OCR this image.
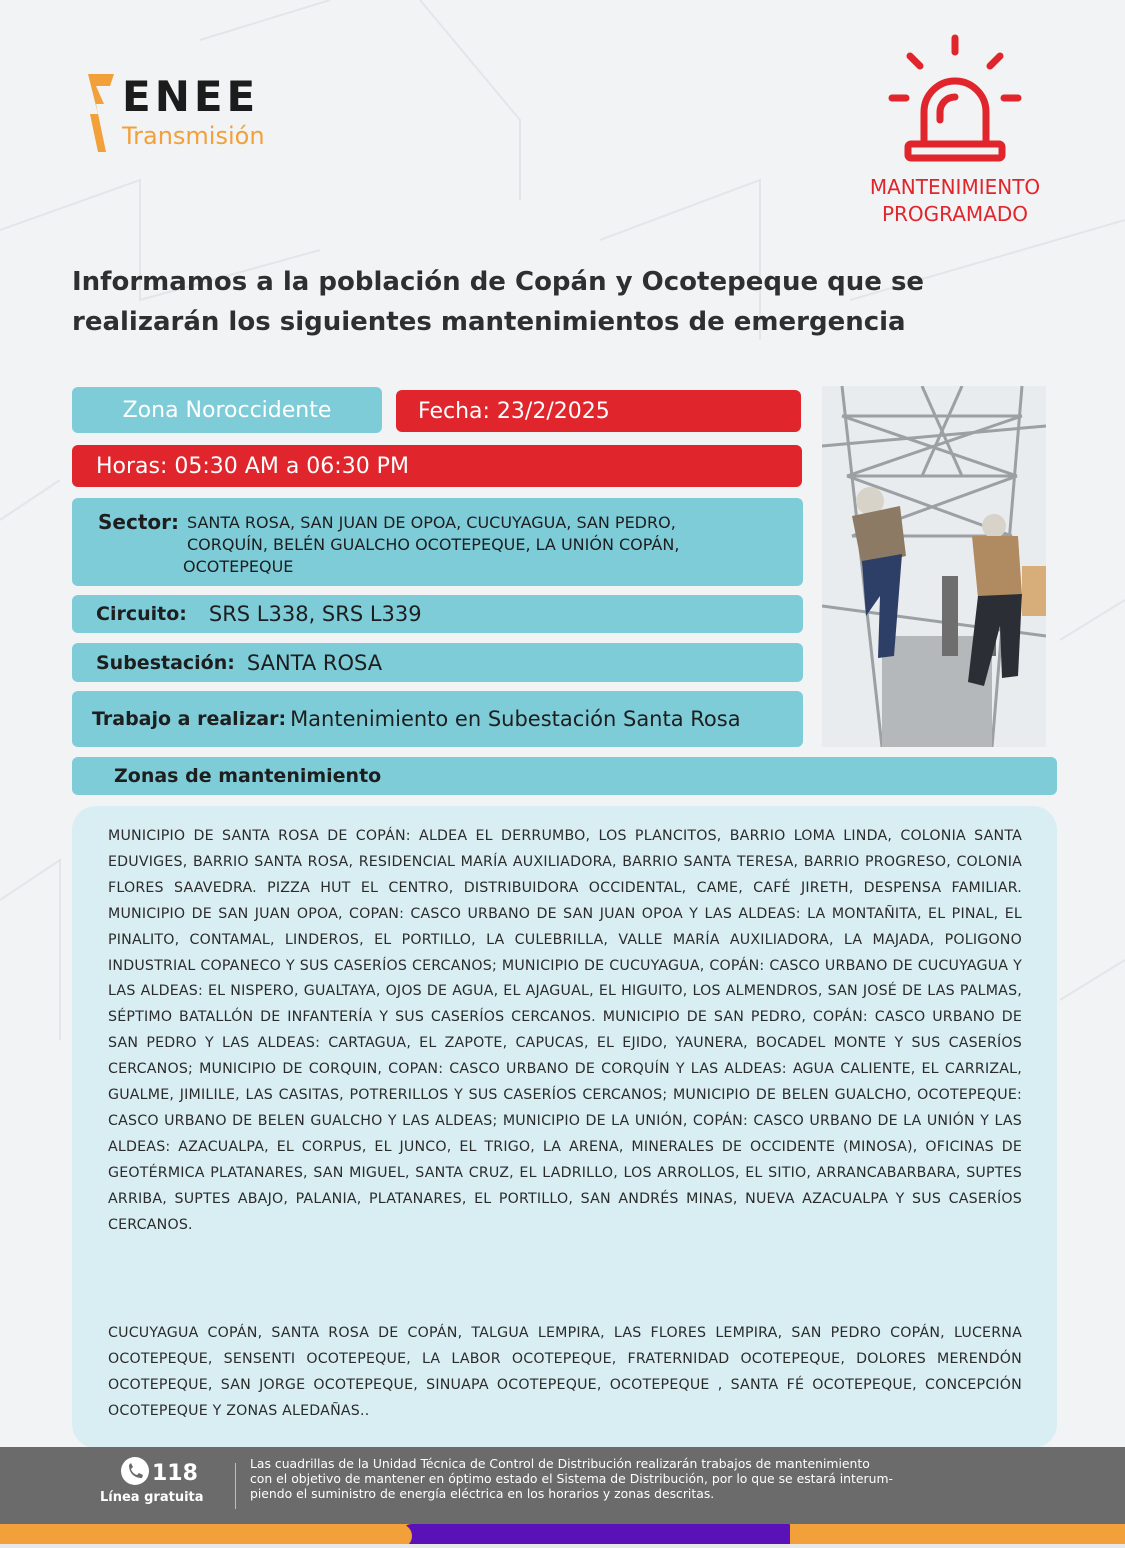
ENEE
Transmisión
MANTENIMIENTO
PROGRAMADO
Informamos a la población de Copán y Ocotepeque que se
realizarán los siguientes mantenimientos de emergencia
Zona Noroccidente	Fecha: 23/2/2025
Horas: 05:30 AM a 06:30 PM
Sector: SANTA ROSA, SAN JUAN DE OPOA, CUCUYAGUA, SAN PEDRO,
CORQUÍN, BELÉN GUALCHO OCOTEPEQUE, LA UNIÓN COPÁN,
OCOTEPEQUE
Circuito: SRS L338, SRS L339
Subestación: SANTA ROSA
Trabajo a realizar: Mantenimiento en Subestación Santa Rosa
Zonas de mantenimiento
MUNICIPIO DE SANTA ROSA DE COPÁN: ALDEA EL DERRUMBO, LOS PLANCITOS, BARRIO LOMA LINDA, COLONIA SANTA EDUVIGES, BARRIO SANTA ROSA, RESIDENCIAL MARÍA AUXILIADORA, BARRIO SANTA TERESA, BARRIO PROGRESO, COLONIA FLORES SAAVEDRA. PIZZA HUT EL CENTRO, DISTRIBUIDORA OCCIDENTAL, CAME, CAFÉ JIRETH, DESPENSA FAMILIAR. MUNICIPIO DE SAN JUAN OPOA, COPAN: CASCO URBANO DE SAN JUAN OPOA Y LAS ALDEAS: LA MONTAÑITA, EL PINAL, EL PINALITO, CONTAMAL, LINDEROS, EL PORTILLO, LA CULEBRILLA, VALLE MARÍA AUXILIADORA, LA MAJADA, POLIGONO INDUSTRIAL COPANECO Y SUS CASERÍOS CERCANOS; MUNICIPIO DE CUCUYAGUA, COPÁN: CASCO URBANO DE CUCUYAGUA Y LAS ALDEAS: EL NISPERO, GUALTAYA, OJOS DE AGUA, EL AJAGUAL, EL HIGUITO, LOS ALMENDROS, SAN JOSÉ DE LAS PALMAS, SÉPTIMO BATALLÓN DE INFANTERÍA Y SUS CASERÍOS CERCANOS. MUNICIPIO DE SAN PEDRO, COPÁN: CASCO URBANO DE SAN PEDRO Y LAS ALDEAS: CARTAGUA, EL ZAPOTE, CAPUCAS, EL EJIDO, YAUNERA, BOCADEL MONTE Y SUS CASERÍOS CERCANOS; MUNICIPIO DE CORQUIN, COPAN: CASCO URBANO DE CORQUÍN Y LAS ALDEAS: AGUA CALIENTE, EL CARRIZAL, GUALME, JIMILILE, LAS CASITAS, POTRERILLOS Y SUS CASERÍOS CERCANOS; MUNICIPIO DE BELEN GUALCHO, OCOTEPEQUE: CASCO URBANO DE BELEN GUALCHO Y LAS ALDEAS; MUNICIPIO DE LA UNIÓN, COPÁN: CASCO URBANO DE LA UNIÓN Y LAS ALDEAS: AZACUALPA, EL CORPUS, EL JUNCO, EL TRIGO, LA ARENA, MINERALES DE OCCIDENTE (MINOSA), OFICINAS DE GEOTÉRMICA PLATANARES, SAN MIGUEL, SANTA CRUZ, EL LADRILLO, LOS ARROLLOS, EL SITIO, ARRANCABARBARA, SUPTES ARRIBA, SUPTES ABAJO, PALANIA, PLATANARES, EL PORTILLO, SAN ANDRÉS MINAS, NUEVA AZACUALPA Y SUS CASERÍOS CERCANOS.
CUCUYAGUA COPÁN, SANTA ROSA DE COPÁN, TALGUA LEMPIRA, LAS FLORES LEMPIRA, SAN PEDRO COPÁN, LUCERNA OCOTEPEQUE, SENSENTI OCOTEPEQUE, LA LABOR OCOTEPEQUE, FRATERNIDAD OCOTEPEQUE, DOLORES MERENDÓN OCOTEPEQUE, SAN JORGE OCOTEPEQUE, SINUAPA OCOTEPEQUE, OCOTEPEQUE , SANTA FÉ OCOTEPEQUE, CONCEPCIÓN OCOTEPEQUE Y ZONAS ALEDAÑAS..
118
Línea gratuita
Las cuadrillas de la Unidad Técnica de Control de Distribución realizarán trabajos de mantenimiento
con el objetivo de mantener en óptimo estado el Sistema de Distribución, por lo que se estará interum-
piendo el suministro de energía eléctrica en los horarios y zonas descritas.
